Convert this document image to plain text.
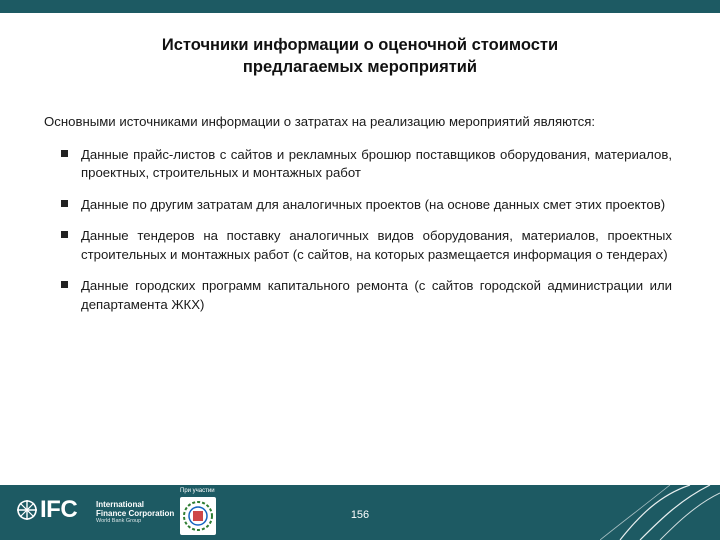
Источники информации о оценочной стоимости
предлагаемых мероприятий

Основными источниками информации о затратах на реализацию мероприятий являются:

Данные прайс-листов с сайтов и рекламных брошюр поставщиков оборудования, материалов, проектных, строительных и монтажных работ
Данные по другим затратам для аналогичных проектов (на основе данных смет этих проектов)
Данные тендеров на поставку аналогичных видов оборудования, материалов, проектных строительных и монтажных работ (с сайтов, на которых размещается информация о тендерах)
Данные городских программ капитального ремонта (с сайтов городской администрации или департамента ЖКХ)
IFC International
Finance Corporation
World Bank Group
При участии
156
